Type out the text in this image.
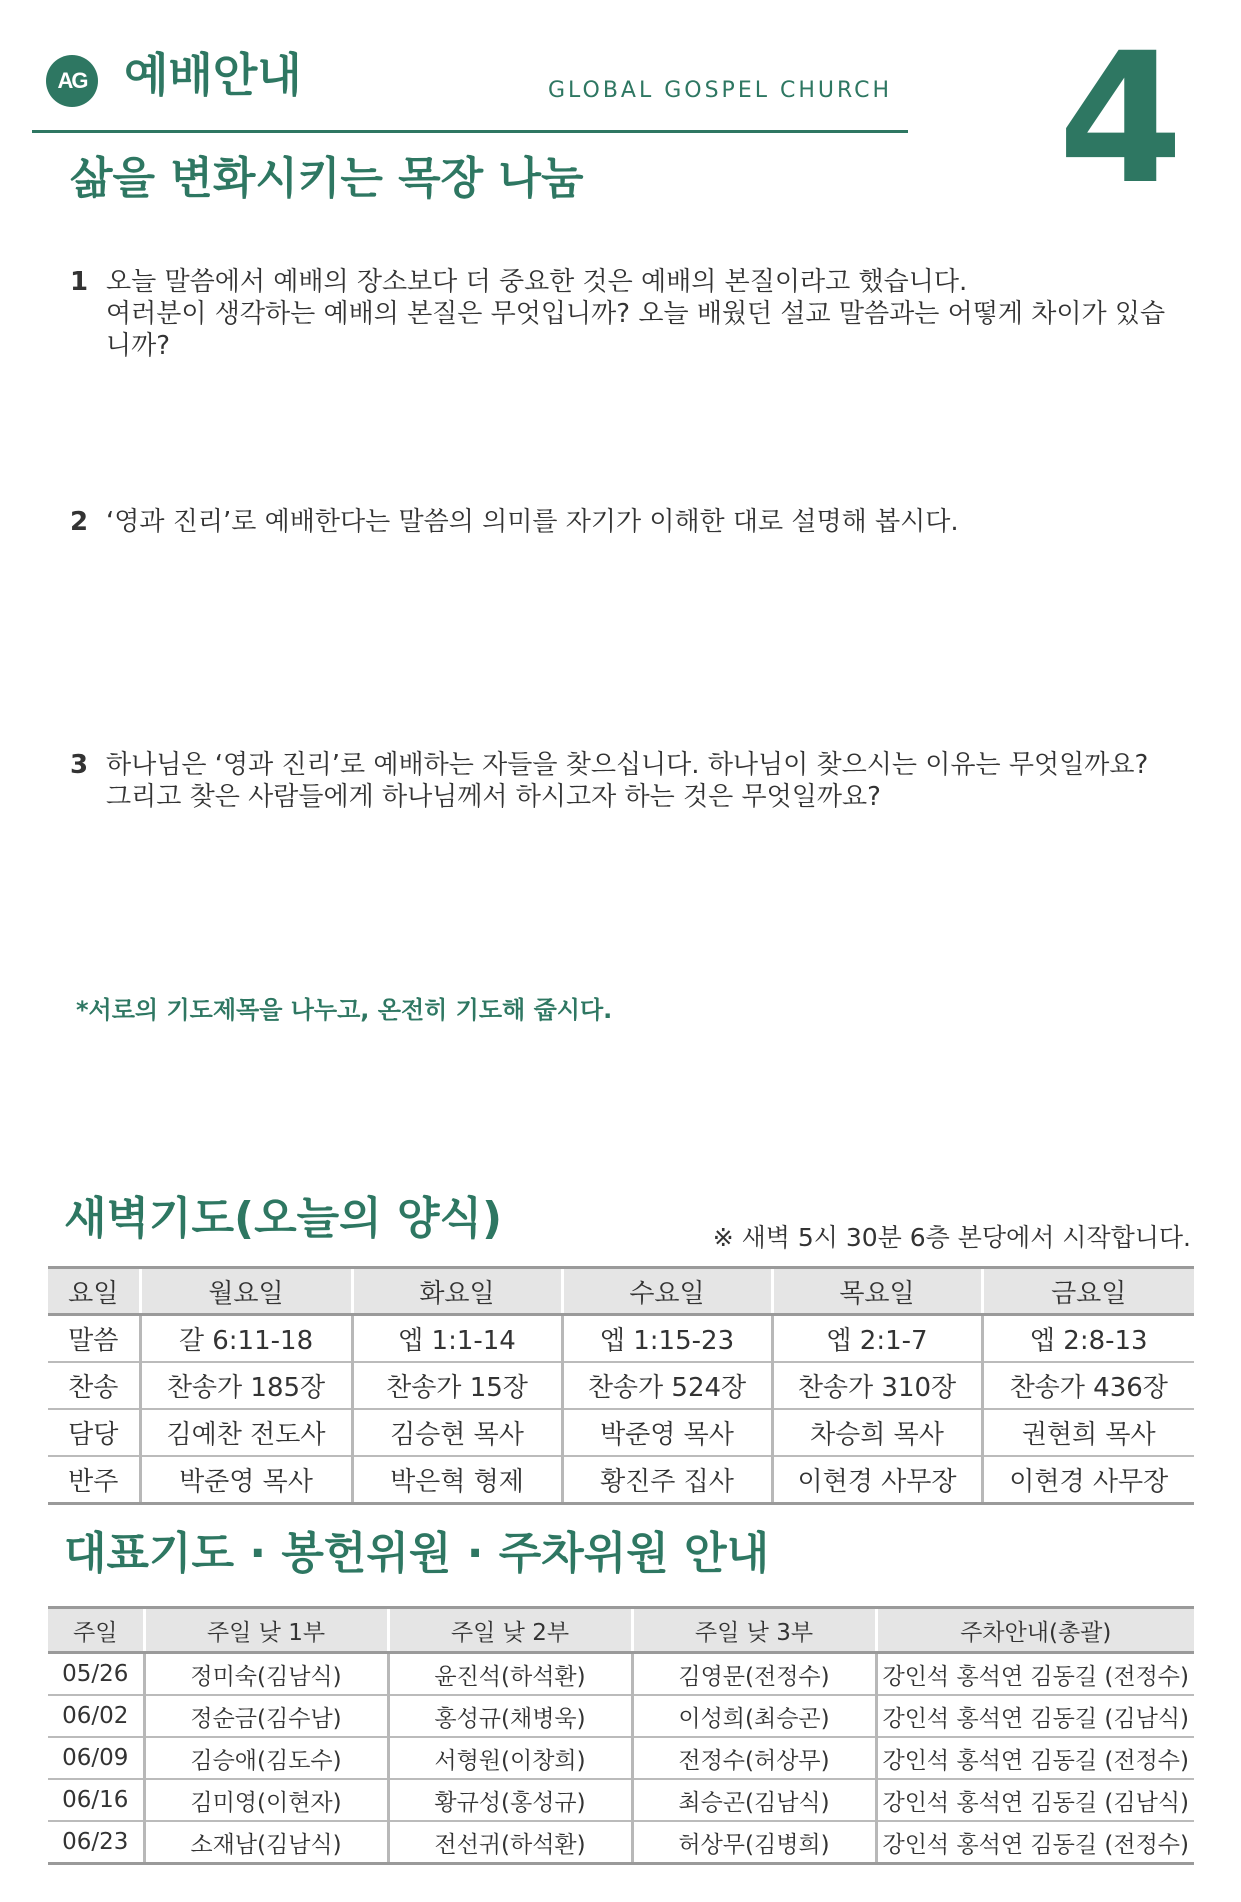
AG 예배안내	GLOBAL GOSPEL CHURCH 4
삶을 변화시키는 목장 나눔
1 오늘 말씀에서 예배의 장소보다 더 중요한 것은 예배의 본질이라고 했습니다.
여러분이 생각하는 예배의 본질은 무엇입니까? 오늘 배웠던 설교 말씀과는 어떻게 차이가 있습니까?
2 ‘영과 진리’로 예배한다는 말씀의 의미를 자기가 이해한 대로 설명해 봅시다.
3 하나님은 ‘영과 진리’로 예배하는 자들을 찾으십니다. 하나님이 찾으시는 이유는 무엇일까요?
그리고 찾은 사람들에게 하나님께서 하시고자 하는 것은 무엇일까요?
*서로의 기도제목을 나누고, 온전히 기도해 줍시다.
새벽기도(오늘의 양식)	※ 새벽 5시 30분 6층 본당에서 시작합니다.
요일	월요일	화요일	수요일	목요일	금요일
말씀	갈 6:11-18	엡 1:1-14	엡 1:15-23	엡 2:1-7	엡 2:8-13
찬송	찬송가 185장	찬송가 15장	찬송가 524장	찬송가 310장	찬송가 436장
담당	김예찬 전도사	김승현 목사	박준영 목사	차승희 목사	권현희 목사
반주	박준영 목사	박은혁 형제	황진주 집사	이현경 사무장	이현경 사무장
대표기도 · 봉헌위원 · 주차위원 안내
주일	주일 낮 1부	주일 낮 2부	주일 낮 3부	주차안내(총괄)
05/26	정미숙(김남식)	윤진석(하석환)	김영문(전정수)	강인석 홍석연 김동길 (전정수)
06/02	정순금(김수남)	홍성규(채병욱)	이성희(최승곤)	강인석 홍석연 김동길 (김남식)
06/09	김승애(김도수)	서형원(이창희)	전정수(허상무)	강인석 홍석연 김동길 (전정수)
06/16	김미영(이현자)	황규성(홍성규)	최승곤(김남식)	강인석 홍석연 김동길 (김남식)
06/23	소재남(김남식)	전선귀(하석환)	허상무(김병희)	강인석 홍석연 김동길 (전정수)
